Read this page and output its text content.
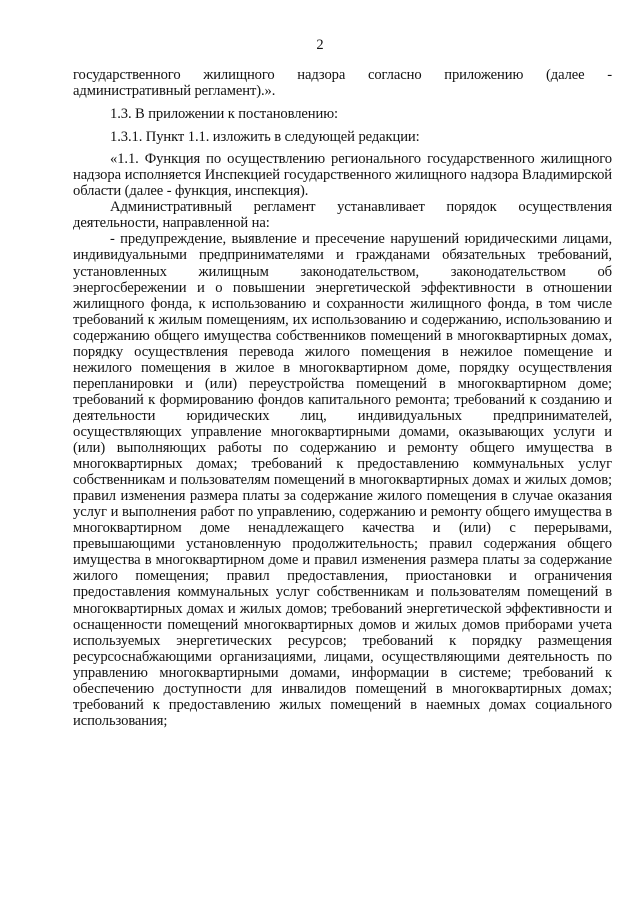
2

государственного жилищного надзора согласно приложению (далее -
административный регламент).».

1.3. В приложении к постановлению:

1.3.1. Пункт 1.1. изложить в следующей редакции:

«1.1. Функция по осуществлению регионального государственного жилищного надзора исполняется Инспекцией государственного жилищного надзора Владимирской области (далее - функция, инспекция).

Административный регламент устанавливает порядок осуществления деятельности, направленной на:

- предупреждение, выявление и пресечение нарушений юридическими лицами, индивидуальными предпринимателями и гражданами обязательных требований, установленных жилищным законодательством, законодательством об энергосбережении и о повышении энергетической эффективности в отношении жилищного фонда, к использованию и сохранности жилищного фонда, в том числе требований к жилым помещениям, их использованию и содержанию, использованию и содержанию общего имущества собственников помещений в многоквартирных домах, порядку осуществления перевода жилого помещения в нежилое помещение и нежилого помещения в жилое в многоквартирном доме, порядку осуществления перепланировки и (или) переустройства помещений в многоквартирном доме; требований к формированию фондов капитального ремонта; требований к созданию и деятельности юридических лиц, индивидуальных предпринимателей, осуществляющих управление многоквартирными домами, оказывающих услуги и (или) выполняющих работы по содержанию и ремонту общего имущества в многоквартирных домах; требований к предоставлению коммунальных услуг собственникам и пользователям помещений в многоквартирных домах и жилых домов; правил изменения размера платы за содержание жилого помещения в случае оказания услуг и выполнения работ по управлению, содержанию и ремонту общего имущества в многоквартирном доме ненадлежащего качества и (или) с перерывами, превышающими установленную продолжительность; правил содержания общего имущества в многоквартирном доме и правил изменения размера платы за содержание жилого помещения; правил предоставления, приостановки и ограничения предоставления коммунальных услуг собственникам и пользователям помещений в многоквартирных домах и жилых домов; требований энергетической эффективности и оснащенности помещений многоквартирных домов и жилых домов приборами учета используемых энергетических ресурсов; требований к порядку размещения ресурсоснабжающими организациями, лицами, осуществляющими деятельность по управлению многоквартирными домами, информации в системе; требований к обеспечению доступности для инвалидов помещений в многоквартирных домах; требований к предоставлению жилых помещений в наемных домах социального использования;
